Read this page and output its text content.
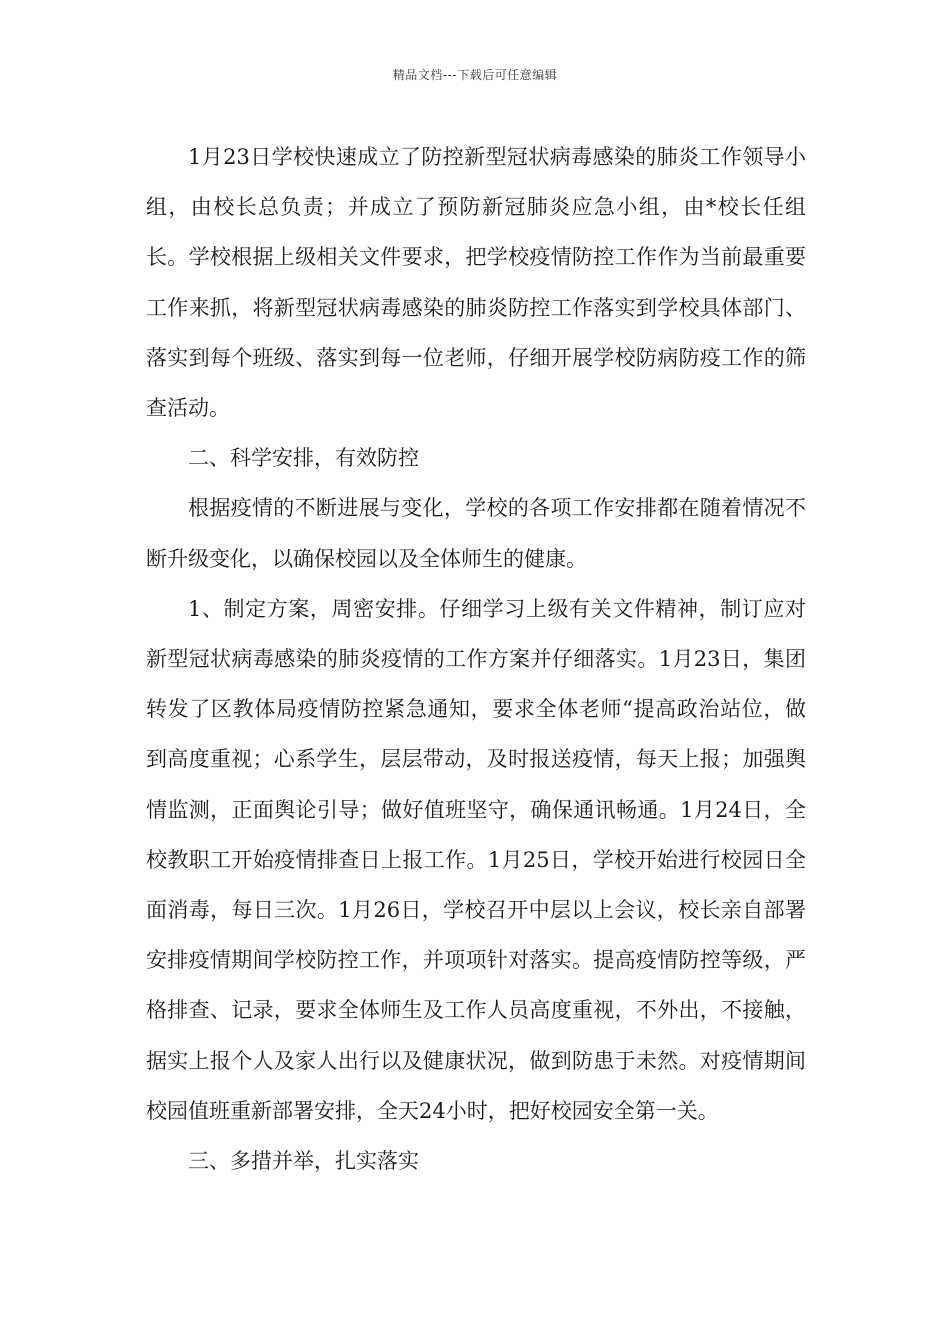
精品文档---下载后可任意编辑

1月23日学校快速成立了防控新型冠状病毒感染的肺炎工作领导小组，由校长总负责；并成立了预防新冠肺炎应急小组，由*校长任组长。学校根据上级相关文件要求，把学校疫情防控工作作为当前最重要工作来抓，将新型冠状病毒感染的肺炎防控工作落实到学校具体部门、落实到每个班级、落实到每一位老师，仔细开展学校防病防疫工作的筛查活动。

二、科学安排，有效防控

根据疫情的不断进展与变化，学校的各项工作安排都在随着情况不断升级变化，以确保校园以及全体师生的健康。

1、制定方案，周密安排。仔细学习上级有关文件精神，制订应对新型冠状病毒感染的肺炎疫情的工作方案并仔细落实。1月23日，集团转发了区教体局疫情防控紧急通知，要求全体老师“提高政治站位，做到高度重视；心系学生，层层带动，及时报送疫情，每天上报；加强舆情监测，正面舆论引导；做好值班坚守，确保通讯畅通。1月24日，全校教职工开始疫情排查日上报工作。1月25日，学校开始进行校园日全面消毒，每日三次。1月26日，学校召开中层以上会议，校长亲自部署安排疫情期间学校防控工作，并项项针对落实。提高疫情防控等级，严格排查、记录，要求全体师生及工作人员高度重视，不外出，不接触，据实上报个人及家人出行以及健康状况，做到防患于未然。对疫情期间校园值班重新部署安排，全天24小时，把好校园安全第一关。

三、多措并举，扎实落实
